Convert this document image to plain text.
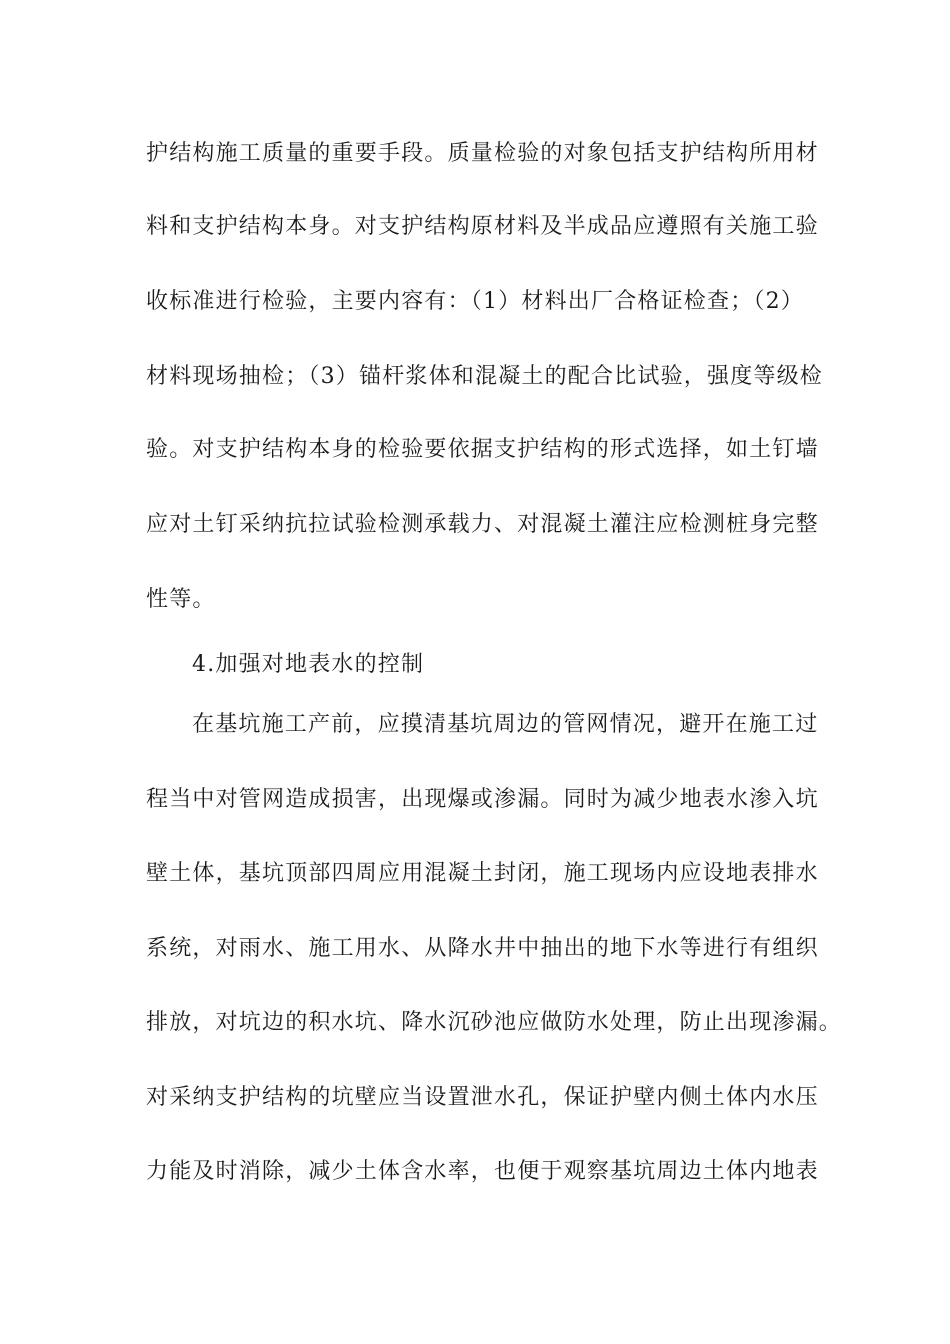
护结构施工质量的重要手段。质量检验的对象包括支护结构所用材
料和支护结构本身。对支护结构原材料及半成品应遵照有关施工验
收标准进行检验，主要内容有：（1）材料出厂合格证检查；（2）
材料现场抽检；（3）锚杆浆体和混凝土的配合比试验，强度等级检
验。对支护结构本身的检验要依据支护结构的形式选择，如土钉墙
应对土钉采纳抗拉试验检测承载力、对混凝土灌注应检测桩身完整
性等。
4.加强对地表水的控制
在基坑施工产前，应摸清基坑周边的管网情况，避开在施工过
程当中对管网造成损害，出现爆或渗漏。同时为减少地表水渗入坑
壁土体，基坑顶部四周应用混凝土封闭，施工现场内应设地表排水
系统，对雨水、施工用水、从降水井中抽出的地下水等进行有组织
排放，对坑边的积水坑、降水沉砂池应做防水处理，防止出现渗漏。
对采纳支护结构的坑壁应当设置泄水孔，保证护壁内侧土体内水压
力能及时消除，减少土体含水率，也便于观察基坑周边土体内地表
